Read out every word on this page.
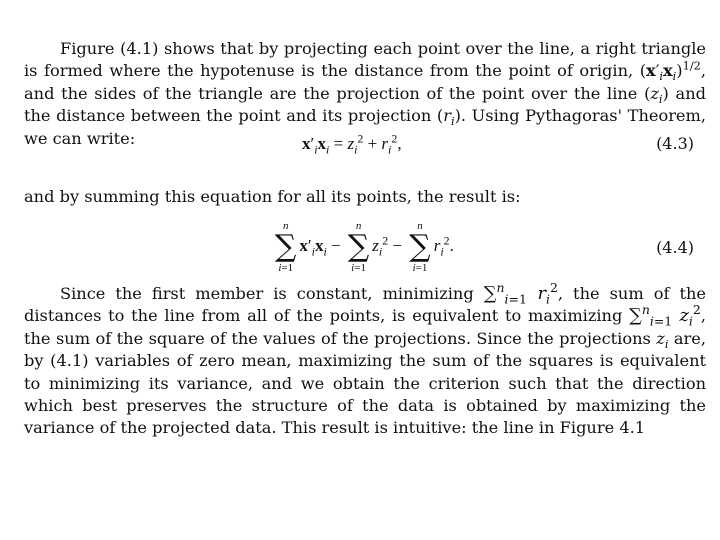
Figure (4.1) shows that by projecting each point over the line, a right triangle is formed where the hypotenuse is the distance from the point of origin, $(x'_ix_i)^{1/2}$, and the sides of the triangle are the projection of the point over the line $(z_i)$ and the distance between the point and its projection $(r_i)$. Using Pythagoras' Theorem, we can write:	$x'_ix_i = z_i^2 + r_i^2$,	(4.3)

and by summing this equation for all its points, the result is:

n
∑
$i=1x'_ix_i - n$
∑
$i=1z_i^2 - n$
∑
$i=1r_i^2$.	(4.4)

Since the first member is constant, minimizing ∑$^n_{i=1}$ $r_i^2$, the sum of the distances to the line from all of the points, is equivalent to maximizing ∑$^n_{i=1}$ $z_i^2$, the sum of the square of the values of the projections. Since the projections $z_i$ are, by (4.1) variables of zero mean, maximizing the sum of the squares is equivalent to minimizing its variance, and we obtain the criterion such that the direction which best preserves the structure of the data is obtained by maximizing the variance of the projected data. This result is intuitive: the line in Figure 4.1
